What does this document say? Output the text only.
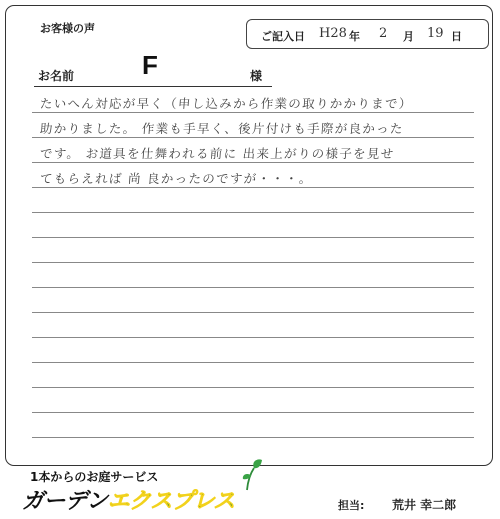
お客様の声
ご記入日 H28 年 2 月 19 日
お名前	F	様
たいへん対応が早く（申し込みから作業の取りかかりまで）
助かりました。 作業も手早く、後片付けも手際が良かった
です。 お道具を仕舞われる前に 出来上がりの様子を見せ
てもらえれば 尚 良かったのですが・・・。
1本からのお庭サービス
ガーデンエクスプレス	担当: 荒井 幸二郎
